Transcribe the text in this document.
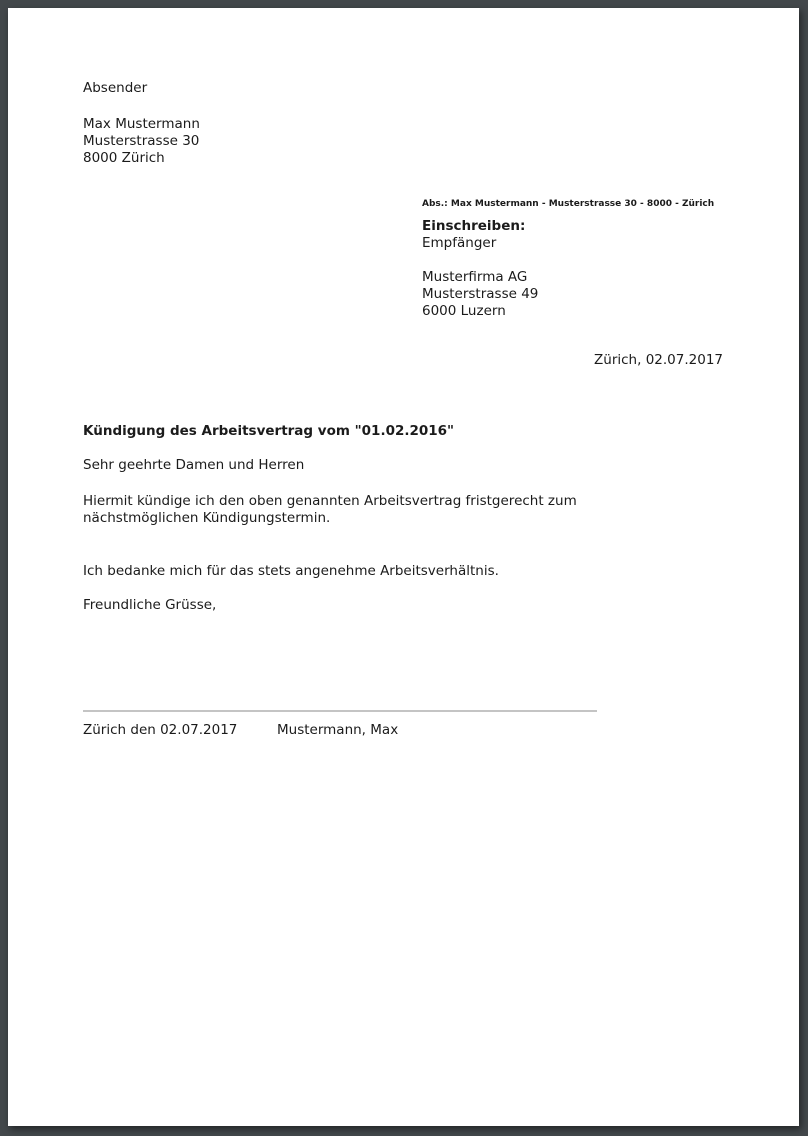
Absender
Max Mustermann
Musterstrasse 30
8000 Zürich
Abs.: Max Mustermann - Musterstrasse 30 - 8000 - Zürich
Einschreiben:
Empfänger
Musterfirma AG
Musterstrasse 49
6000 Luzern
Zürich, 02.07.2017
Kündigung des Arbeitsvertrag vom "01.02.2016"
Sehr geehrte Damen und Herren
Hiermit kündige ich den oben genannten Arbeitsvertrag fristgerecht zum nächstmöglichen Kündigungstermin.
Ich bedanke mich für das stets angenehme Arbeitsverhältnis.
Freundliche Grüsse,
Zürich den 02.07.2017	Mustermann, Max
